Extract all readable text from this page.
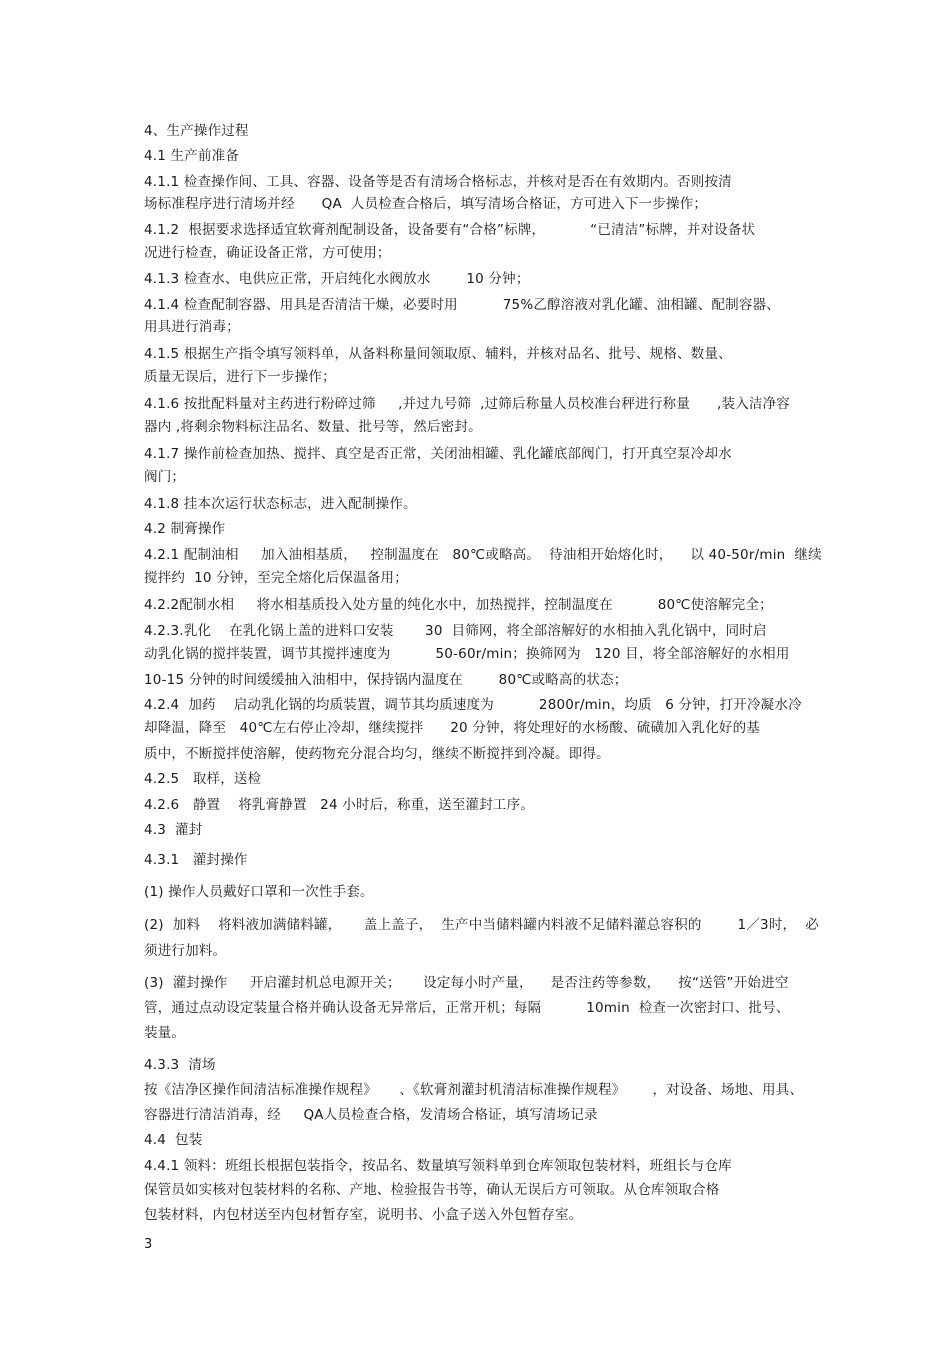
4、生产操作过程
4.1 生产前准备
4.1.1 检查操作间、工具、容器、设备等是否有清场合格标志，并核对是否在有效期内。否则按清
场标准程序进行清场并经      QA  人员检查合格后，填写清场合格证，方可进入下一步操作；
4.1.2  根据要求选择适宜软膏剂配制设备，设备要有“合格”标牌，          “已清洁”标牌，并对设备状
况进行检查，确证设备正常，方可使用；
4.1.3 检查水、电供应正常，开启纯化水阀放水        10 分钟；
4.1.4 检查配制容器、用具是否清洁干燥，必要时用          75%乙醇溶液对乳化罐、油相罐、配制容器、
用具进行消毒；
4.1.5 根据生产指令填写领料单，从备料称量间领取原、辅料，并核对品名、批号、规格、数量、
质量无误后，进行下一步操作；
4.1.6 按批配料量对主药进行粉碎过筛     ,并过九号筛  ,过筛后称量人员校准台秤进行称量      ,装入洁净容
器内 ,将剩余物料标注品名、数量、批号等，然后密封。
4.1.7 操作前检查加热、搅拌、真空是否正常，关闭油相罐、乳化罐底部阀门，打开真空泵冷却水
阀门；
4.1.8 挂本次运行状态标志，进入配制操作。
4.2 制膏操作
4.2.1 配制油相     加入油相基质，   控制温度在   80℃或略高。  待油相开始熔化时，    以 40-50r/min  继续
搅拌约  10 分钟，至完全熔化后保温备用；
4.2.2配制水相     将水相基质投入处方量的纯化水中，加热搅拌，控制温度在          80℃使溶解完全；
4.2.3.乳化    在乳化锅上盖的进料口安装       30  目筛网，将全部溶解好的水相抽入乳化锅中，同时启
动乳化锅的搅拌装置，调节其搅拌速度为          50-60r/min；换筛网为   120 目，将全部溶解好的水相用
10-15 分钟的时间缓缓抽入油相中，保持锅内温度在        80℃或略高的状态；
4.2.4  加药    启动乳化锅的均质装置，调节其均质速度为          2800r/min，均质   6 分钟，打开冷凝水冷
却降温，降至   40℃左右停止冷却，继续搅拌      20 分钟，将处理好的水杨酸、硫磺加入乳化好的基
质中，不断搅拌使溶解，使药物充分混合均匀，继续不断搅拌到冷凝。即得。
4.2.5   取样，送检
4.2.6   静置    将乳膏静置   24 小时后，称重，送至灌封工序。
4.3  灌封
4.3.1   灌封操作
(1) 操作人员戴好口罩和一次性手套。
(2)  加料    将料液加满储料罐，     盖上盖子，  生产中当储料罐内料液不足储料灌总容积的        1／3时，  必
须进行加料。
(3)  灌封操作     开启灌封机总电源开关；     设定每小时产量，    是否注药等参数，    按“送管”开始进空
管，通过点动设定装量合格并确认设备无异常后，正常开机；每隔          10min  检查一次密封口、批号、
装量。
4.3.3  清场
按《洁净区操作间清洁标准操作规程》     、《软膏剂灌封机清洁标准操作规程》      ，对设备、场地、用具、
容器进行清洁消毒，经     QA人员检查合格，发清场合格证，填写清场记录
4.4  包装
4.4.1 领料：班组长根据包装指令，按品名、数量填写领料单到仓库领取包装材料，班组长与仓库
保管员如实核对包装材料的名称、产地、检验报告书等，确认无误后方可领取。从仓库领取合格
包装材料，内包材送至内包材暂存室，说明书、小盒子送入外包暂存室。
3
